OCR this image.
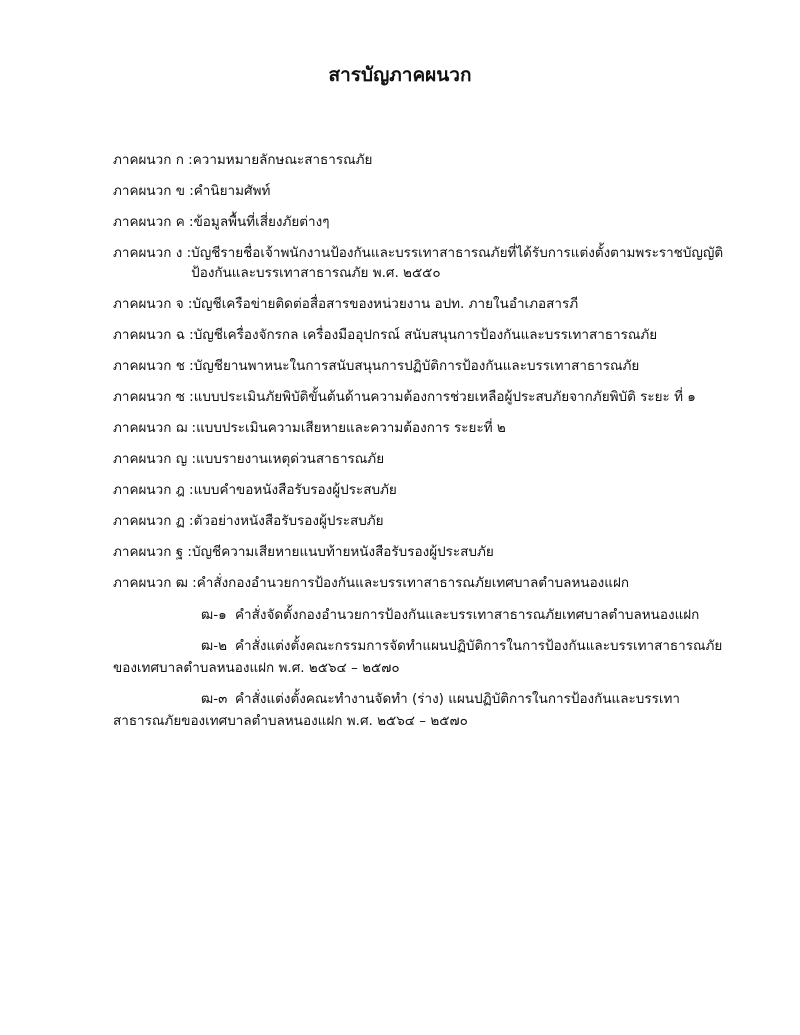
สารบัญภาคผนวก
ภาคผนวก ก : ความหมายลักษณะสาธารณภัย
ภาคผนวก ข : คำนิยามศัพท์
ภาคผนวก ค : ข้อมูลพื้นที่เสี่ยงภัยต่างๆ
ภาคผนวก ง : บัญชีรายชื่อเจ้าพนักงานป้องกันและบรรเทาสาธารณภัยที่ได้รับการแต่งตั้งตามพระราชบัญญัติป้องกันและบรรเทาสาธารณภัย พ.ศ. ๒๕๕๐
ภาคผนวก จ : บัญชีเครือข่ายติดต่อสื่อสารของหน่วยงาน อปท. ภายในอำเภอสารภี
ภาคผนวก ฉ : บัญชีเครื่องจักรกล เครื่องมืออุปกรณ์ สนับสนุนการป้องกันและบรรเทาสาธารณภัย
ภาคผนวก ช : บัญชียานพาหนะในการสนับสนุนการปฏิบัติการป้องกันและบรรเทาสาธารณภัย
ภาคผนวก ซ : แบบประเมินภัยพิบัติขั้นต้นด้านความต้องการช่วยเหลือผู้ประสบภัยจากภัยพิบัติ ระยะ ที่ ๑
ภาคผนวก ฌ : แบบประเมินความเสียหายและความต้องการ ระยะที่ ๒
ภาคผนวก ญ : แบบรายงานเหตุด่วนสาธารณภัย
ภาคผนวก ฎ : แบบคำขอหนังสือรับรองผู้ประสบภัย
ภาคผนวก ฏ : ตัวอย่างหนังสือรับรองผู้ประสบภัย
ภาคผนวก ฐ : บัญชีความเสียหายแนบท้ายหนังสือรับรองผู้ประสบภัย
ภาคผนวก ฒ : คำสั่งกองอำนวยการป้องกันและบรรเทาสาธารณภัยเทศบาลตำบลหนองแฝก
ฒ-๑ คำสั่งจัดตั้งกองอำนวยการป้องกันและบรรเทาสาธารณภัยเทศบาลตำบลหนองแฝก
ฒ-๒ คำสั่งแต่งตั้งคณะกรรมการจัดทำแผนปฏิบัติการในการป้องกันและบรรเทาสาธารณภัยของเทศบาลตำบลหนองแฝก พ.ศ. ๒๕๖๔ – ๒๕๗๐
ฒ-๓ คำสั่งแต่งตั้งคณะทำงานจัดทำ (ร่าง) แผนปฏิบัติการในการป้องกันและบรรเทาสาธารณภัยของเทศบาลตำบลหนองแฝก พ.ศ. ๒๕๖๔ – ๒๕๗๐
